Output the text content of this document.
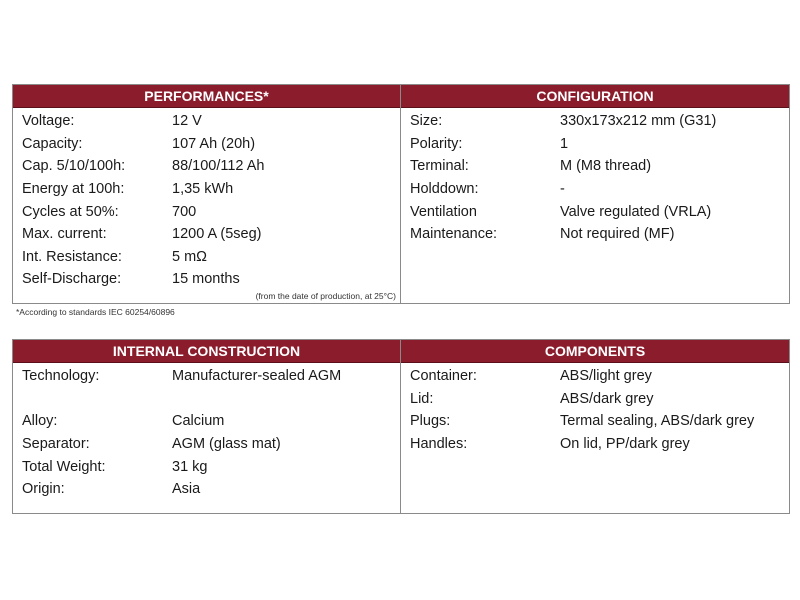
PERFORMANCES*
Voltage:	12 V
Capacity:	107 Ah (20h)
Cap. 5/10/100h:	88/100/112 Ah
Energy at 100h:	1,35 kWh
Cycles at 50%:	700
Max. current:	1200 A (5seg)
Int. Resistance:	5 mΩ
Self-Discharge:	15 months
(from the date of production, at 25°C)
CONFIGURATION
Size:	330x173x212 mm (G31)
Polarity:	1
Terminal:	M (M8 thread)
Holddown:	-
Ventilation	Valve regulated (VRLA)
Maintenance:	Not required (MF)
*According to standards IEC 60254/60896
INTERNAL CONSTRUCTION
Technology:	Manufacturer-sealed AGM
Alloy:	Calcium
Separator:	AGM (glass mat)
Total Weight:	31 kg
Origin:	Asia
COMPONENTS
Container:	ABS/light grey
Lid:	ABS/dark grey
Plugs:	Termal sealing, ABS/dark grey
Handles:	On lid, PP/dark grey
